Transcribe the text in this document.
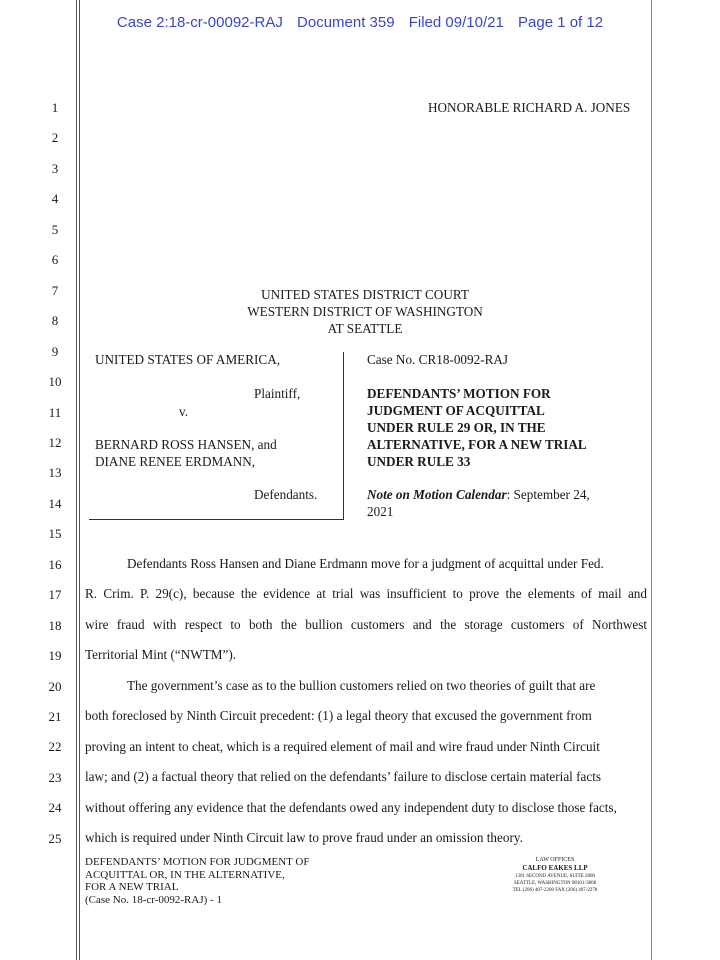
Case 2:18-cr-00092-RAJ Document 359 Filed 09/10/21 Page 1 of 12
1
2
3
4
5
6
7
8
9
10
11
12
13
14
15
16
17
18
19
20
21
22
23
24
25
HONORABLE RICHARD A. JONES
UNITED STATES DISTRICT COURT
WESTERN DISTRICT OF WASHINGTON
AT SEATTLE
UNITED STATES OF AMERICA,
Plaintiff,
v.
BERNARD ROSS HANSEN, and
DIANE RENEE ERDMANN,
Defendants.
Case No. CR18-0092-RAJ
DEFENDANTS’ MOTION FOR
JUDGMENT OF ACQUITTAL
UNDER RULE 29 OR, IN THE
ALTERNATIVE, FOR A NEW TRIAL
UNDER RULE 33
Note on Motion Calendar: September 24,
2021
Defendants Ross Hansen and Diane Erdmann move for a judgment of acquittal under Fed.
R. Crim. P. 29(c), because the evidence at trial was insufficient to prove the elements of mail and
wire fraud with respect to both the bullion customers and the storage customers of Northwest
Territorial Mint (“NWTM”).
The government’s case as to the bullion customers relied on two theories of guilt that are
both foreclosed by Ninth Circuit precedent: (1) a legal theory that excused the government from
proving an intent to cheat, which is a required element of mail and wire fraud under Ninth Circuit
law; and (2) a factual theory that relied on the defendants’ failure to disclose certain material facts
without offering any evidence that the defendants owed any independent duty to disclose those facts,
which is required under Ninth Circuit law to prove fraud under an omission theory.
DEFENDANTS’ MOTION FOR JUDGMENT OF
ACQUITTAL OR, IN THE ALTERNATIVE,
FOR A NEW TRIAL
(Case No. 18-cr-0092-RAJ) - 1
LAW OFFICES
CALFO EAKES LLP
1301 SECOND AVENUE, SUITE 2800
SEATTLE, WASHINGTON 98101-3808
TEL (206) 407-2200 FAX (206) 407-2278
